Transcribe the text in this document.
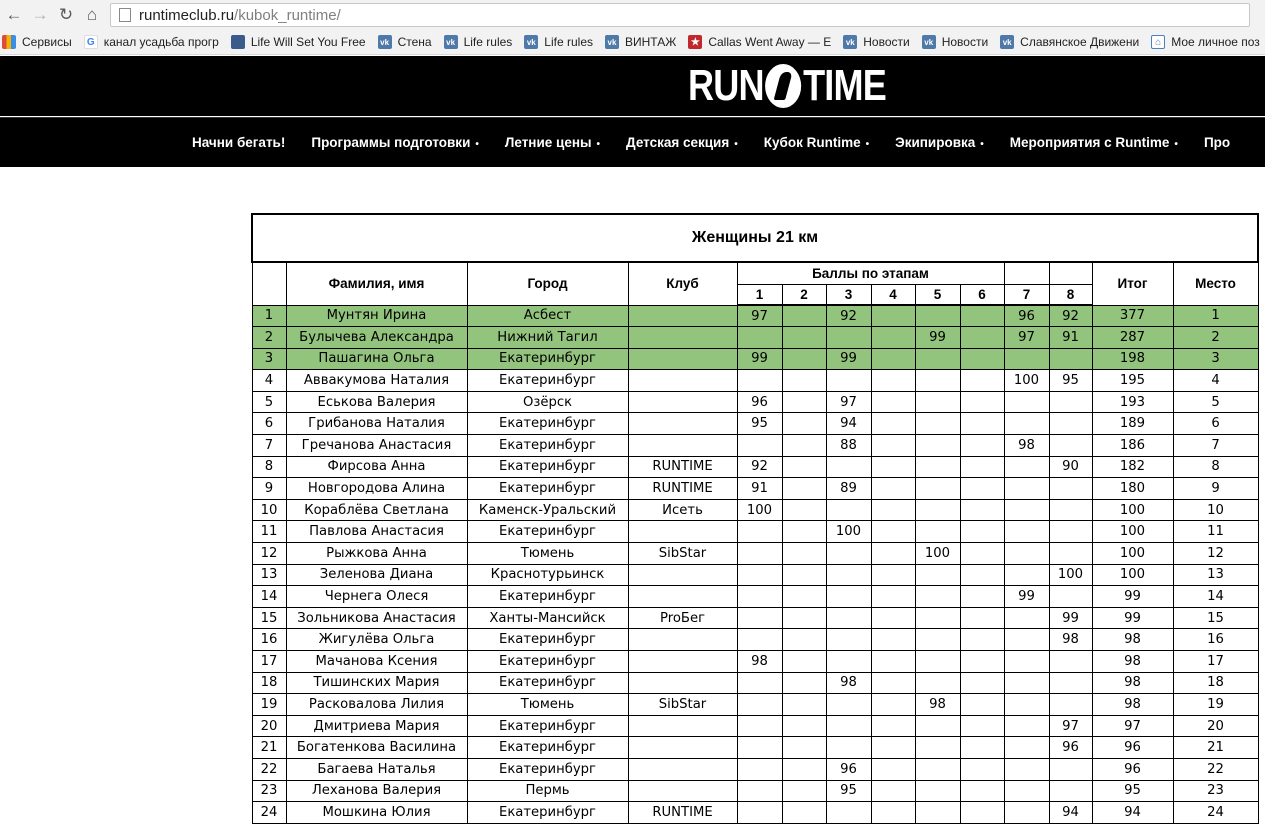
← → ↻ ⌂	runtimeclub.ru /kubok_runtime/
Сервисы	G канал усадьба прогр	Life Will Set You Free	vk Стена	vk Life rules	vk Life rules	vk ВИНТАЖ ★ Callas Went Away — E	vk Новости	vk Новости	vk Славянское Движени	⌂ Мое личное поз
RUN TIME
Начни бегать! Программы подготовки • Летние цены • Детская секция • Кубок Runtime • Экипировка • Мероприятия с Runtime • Про
Женщины 21 км													
	Фамилия, имя	Город	Клуб	Баллы по этапам								Итог	Место
				1	2	3	4	5	6	7	8		
1	Мунтян Ирина	Асбест		97		92				96	92	377	1
2	Булычева Александра	Нижний Тагил						99		97	91	287	2
3	Пашагина Ольга	Екатеринбург		99		99						198	3
4	Аввакумова Наталия	Екатеринбург								100	95	195	4
5	Еськова Валерия	Озёрск		96		97						193	5
6	Грибанова Наталия	Екатеринбург		95		94						189	6
7	Гречанова Анастасия	Екатеринбург				88				98		186	7
8	Фирсова Анна	Екатеринбург	RUNTIME	92							90	182	8
9	Новгородова Алина	Екатеринбург	RUNTIME	91		89						180	9
10	Кораблёва Светлана	Каменск-Уральский	Исеть	100								100	10
11	Павлова Анастасия	Екатеринбург				100						100	11
12	Рыжкова Анна	Тюмень	SibStar					100				100	12
13	Зеленова Диана	Краснотурьинск									100	100	13
14	Чернега Олеся	Екатеринбург								99		99	14
15	Зольникова Анастасия	Ханты-Мансийск	ProБег								99	99	15
16	Жигулёва Ольга	Екатеринбург									98	98	16
17	Мачанова Ксения	Екатеринбург		98								98	17
18	Тишинских Мария	Екатеринбург				98						98	18
19	Расковалова Лилия	Тюмень	SibStar					98				98	19
20	Дмитриева Мария	Екатеринбург									97	97	20
21	Богатенкова Василина	Екатеринбург									96	96	21
22	Багаева Наталья	Екатеринбург				96						96	22
23	Леханова Валерия	Пермь				95						95	23
24	Мошкина Юлия	Екатеринбург	RUNTIME								94	94	24
